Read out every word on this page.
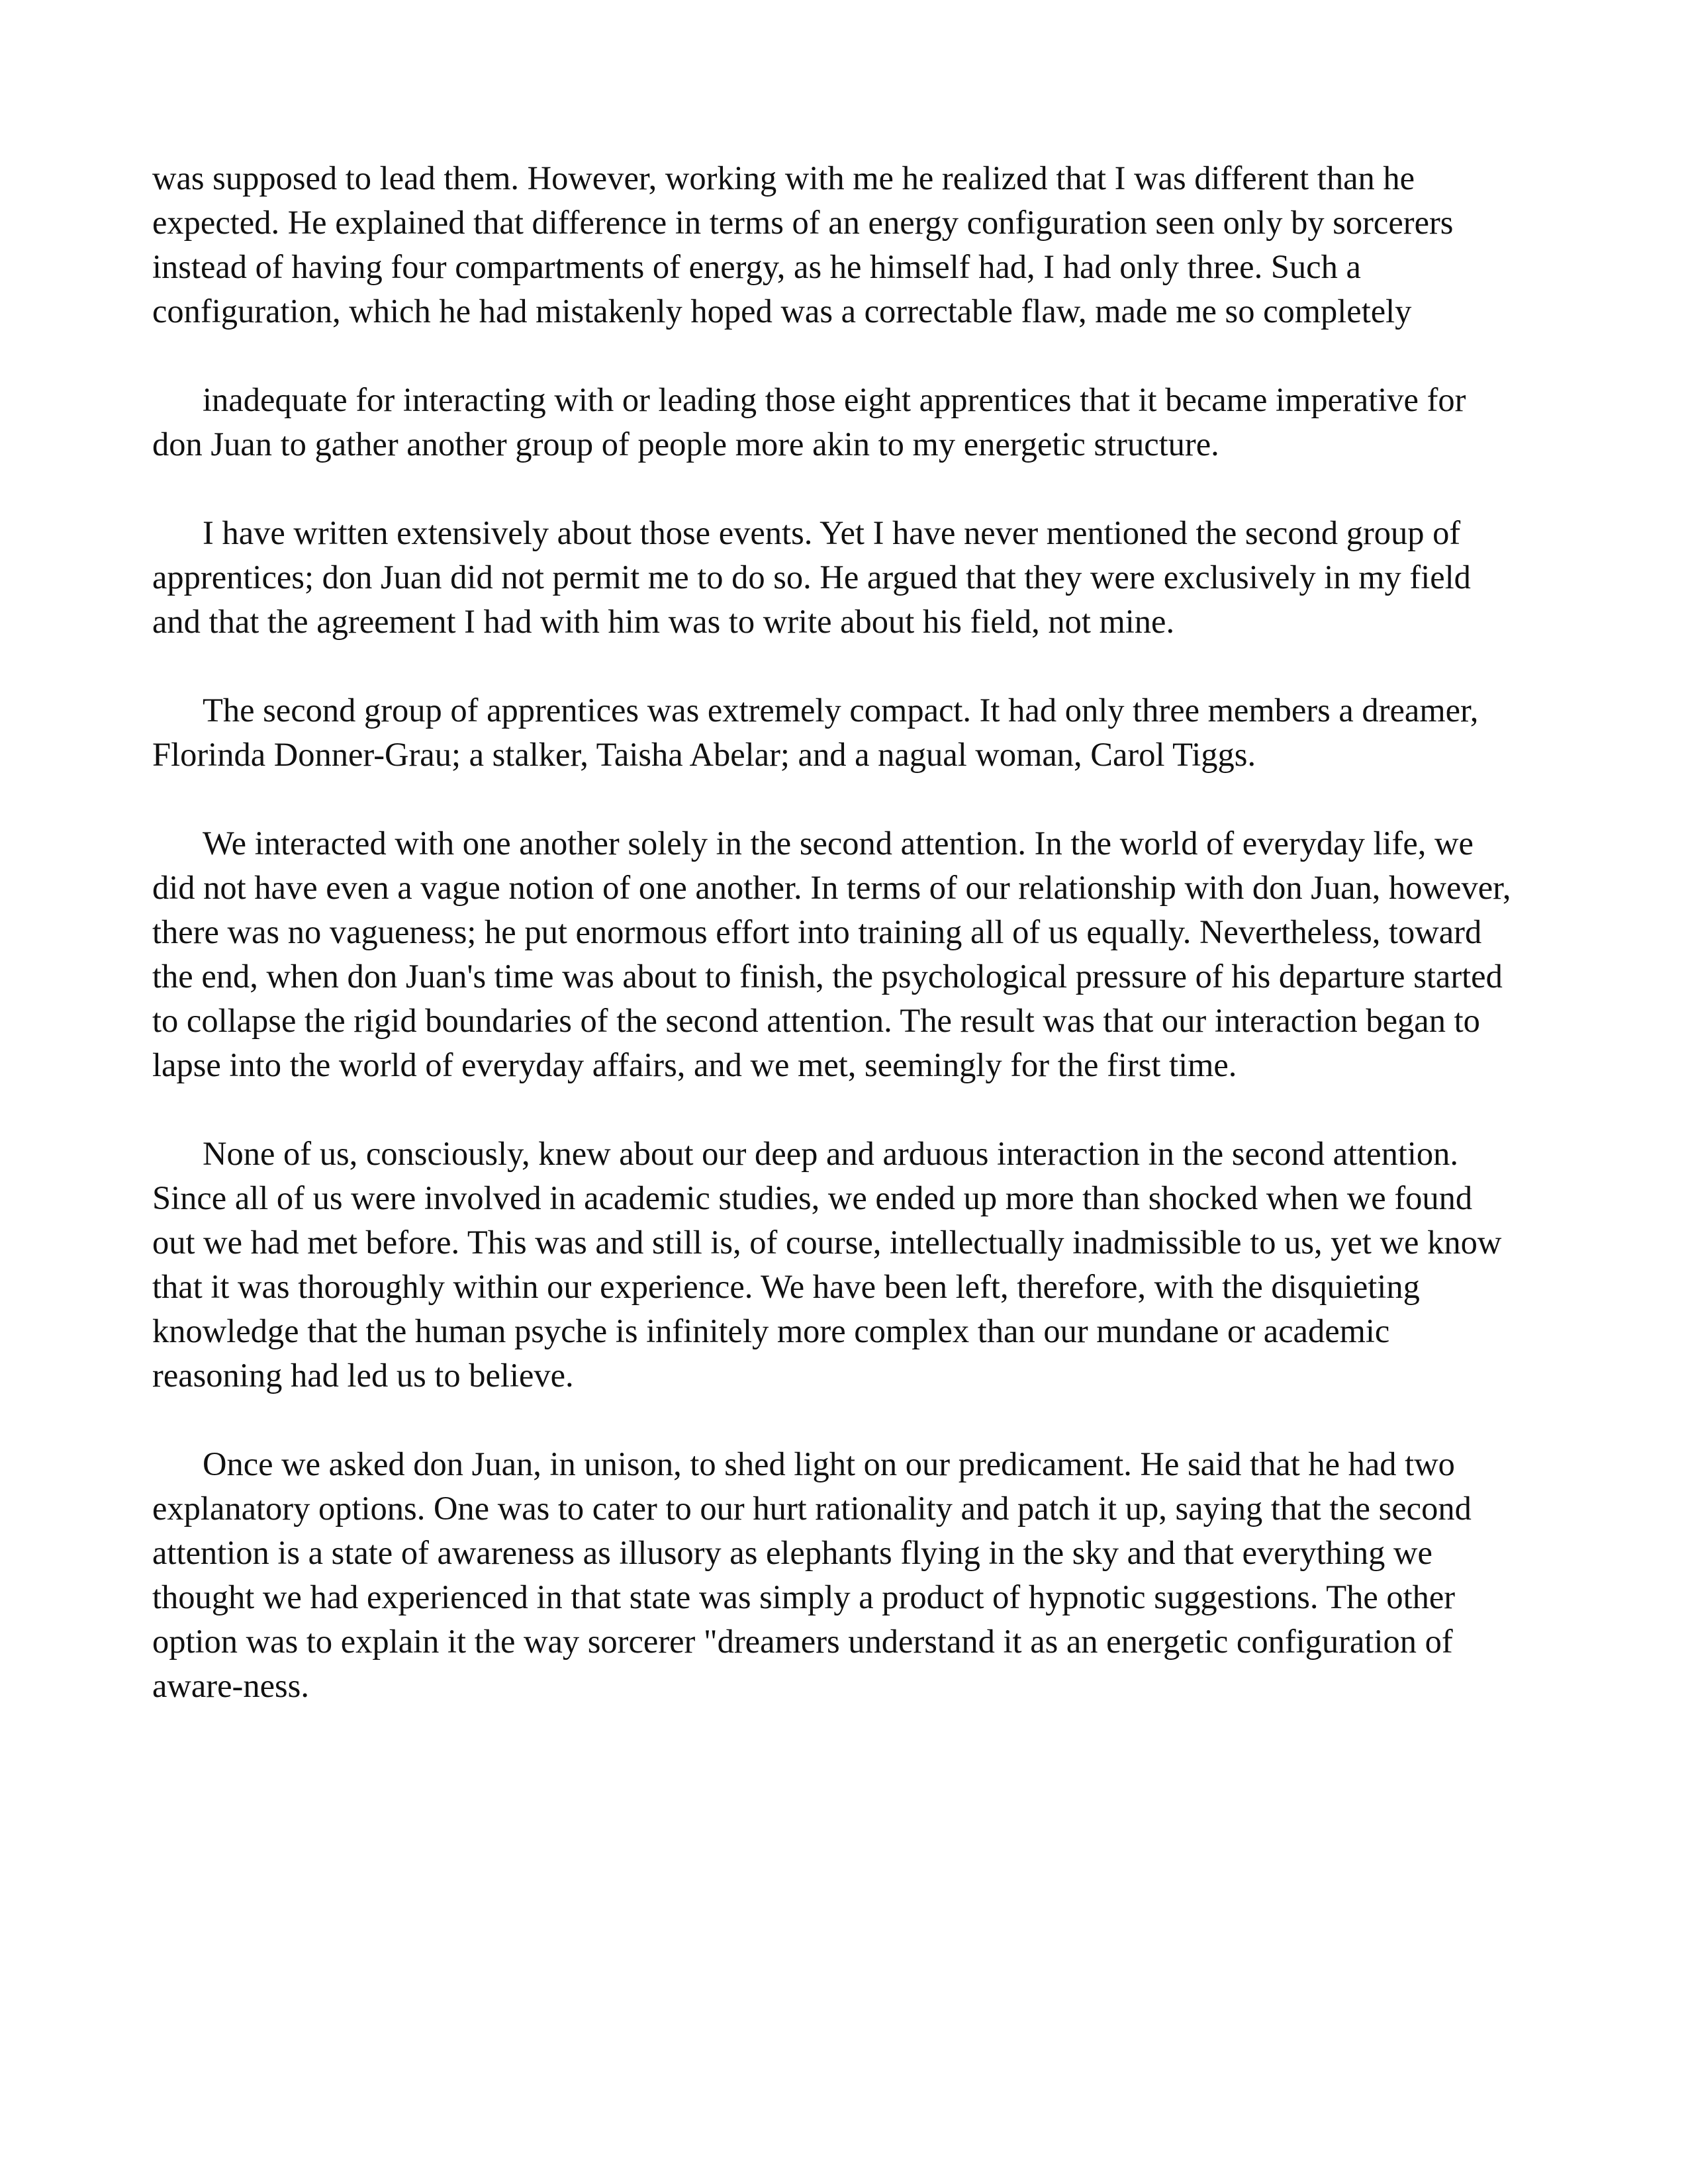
was supposed to lead them. However, working with me he realized that I was different than he expected. He explained that difference in terms of an energy configuration seen only by sorcerers instead of having four compartments of energy, as he himself had, I had only three. Such a configuration, which he had mistakenly hoped was a correctable flaw, made me so completely

inadequate for interacting with or leading those eight apprentices that it became imperative for don Juan to gather another group of people more akin to my energetic structure.

I have written extensively about those events. Yet I have never mentioned the second group of apprentices; don Juan did not permit me to do so. He argued that they were exclusively in my field and that the agreement I had with him was to write about his field, not mine.

The second group of apprentices was extremely compact. It had only three members a dreamer, Florinda Donner-Grau; a stalker, Taisha Abelar; and a nagual woman, Carol Tiggs.

We interacted with one another solely in the second attention. In the world of everyday life, we did not have even a vague notion of one another. In terms of our relationship with don Juan, however, there was no vagueness; he put enormous effort into training all of us equally. Nevertheless, toward the end, when don Juan's time was about to finish, the psychological pressure of his departure started to collapse the rigid boundaries of the second attention. The result was that our interaction began to lapse into the world of everyday affairs, and we met, seemingly for the first time.

None of us, consciously, knew about our deep and arduous interaction in the second attention. Since all of us were involved in academic studies, we ended up more than shocked when we found out we had met before. This was and still is, of course, intellectually inadmissible to us, yet we know that it was thoroughly within our experience. We have been left, therefore, with the disquieting knowledge that the human psyche is infinitely more complex than our mundane or academic reasoning had led us to believe.

Once we asked don Juan, in unison, to shed light on our predicament. He said that he had two explanatory options. One was to cater to our hurt rationality and patch it up, saying that the second attention is a state of awareness as illusory as elephants flying in the sky and that everything we thought we had experienced in that state was simply a product of hypnotic suggestions. The other option was to explain it the way sorcerer "dreamers understand it as an energetic configuration of aware-ness.
